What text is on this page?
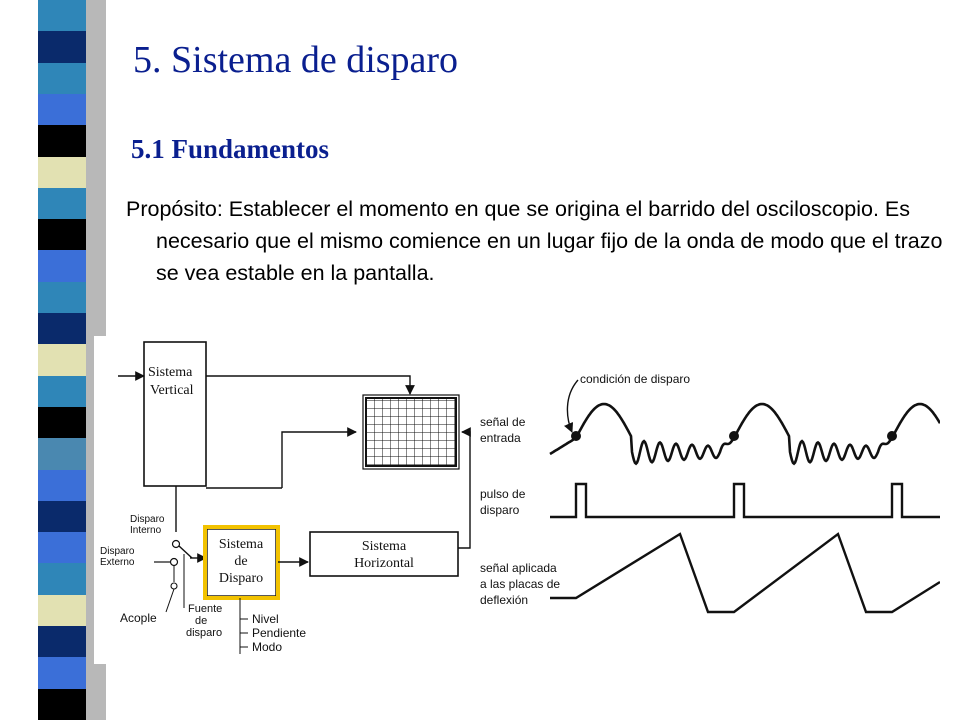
5. Sistema de disparo
5.1 Fundamentos

Propósito: Establecer el momento en que se origina el barrido del osciloscopio. Es necesario que el mismo comience en un lugar fijo de la onda de modo que el trazo se vea estable en la pantalla.

Sistema
Vertical
Disparo
Interno
Disparo
Externo
Acople
Sistema
de
Disparo
Fuente
de
disparo
Nivel
Pendiente
Modo
Sistema
Horizontal
condición de disparo
señal de
entrada
pulso de
disparo
señal aplicada
a las placas de
deflexión
